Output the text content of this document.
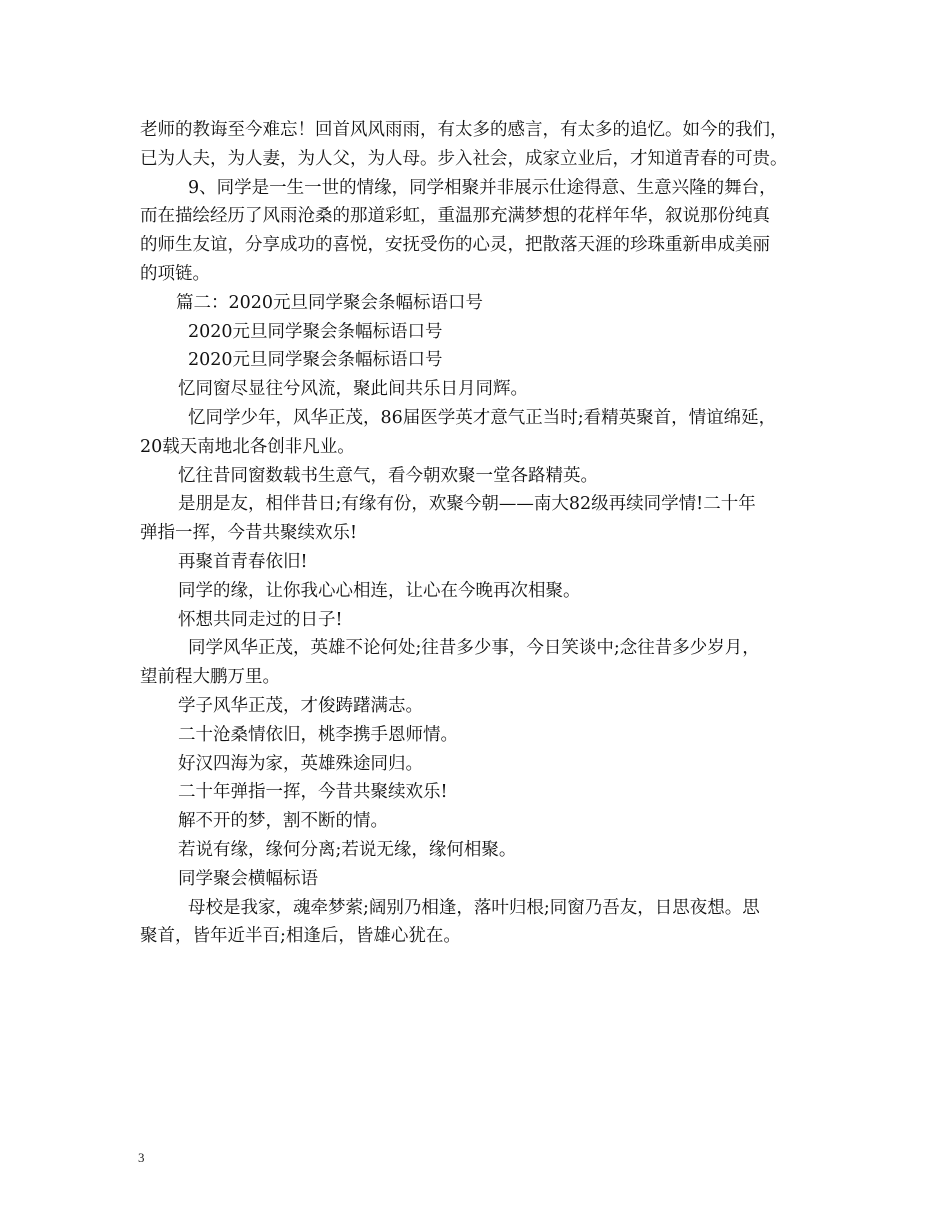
老师的教诲至今难忘！回首风风雨雨，有太多的感言，有太多的追忆。如今的我们，

已为人夫，为人妻，为人父，为人母。步入社会，成家立业后，才知道青春的可贵。

9、同学是一生一世的情缘，同学相聚并非展示仕途得意、生意兴隆的舞台，

而在描绘经历了风雨沧桑的那道彩虹，重温那充满梦想的花样年华，叙说那份纯真

的师生友谊，分享成功的喜悦，安抚受伤的心灵，把散落天涯的珍珠重新串成美丽

的项链。

篇二：2020元旦同学聚会条幅标语口号

2020元旦同学聚会条幅标语口号

2020元旦同学聚会条幅标语口号

忆同窗尽显往兮风流，聚此间共乐日月同辉。

忆同学少年，风华正茂，86届医学英才意气正当时;看精英聚首，情谊绵延，

20载天南地北各创非凡业。

忆往昔同窗数载书生意气，看今朝欢聚一堂各路精英。

是朋是友，相伴昔日;有缘有份，欢聚今朝——南大82级再续同学情!二十年

弹指一挥，今昔共聚续欢乐!

再聚首青春依旧!

同学的缘，让你我心心相连，让心在今晚再次相聚。

怀想共同走过的日子!

同学风华正茂，英雄不论何处;往昔多少事，今日笑谈中;念往昔多少岁月，

望前程大鹏万里。

学子风华正茂，才俊踌躇满志。

二十沧桑情依旧，桃李携手恩师情。

好汉四海为家，英雄殊途同归。

二十年弹指一挥，今昔共聚续欢乐!

解不开的梦，割不断的情。

若说有缘，缘何分离;若说无缘，缘何相聚。

同学聚会横幅标语

母校是我家，魂牵梦萦;阔别乃相逢，落叶归根;同窗乃吾友，日思夜想。思

聚首，皆年近半百;相逢后，皆雄心犹在。

3
